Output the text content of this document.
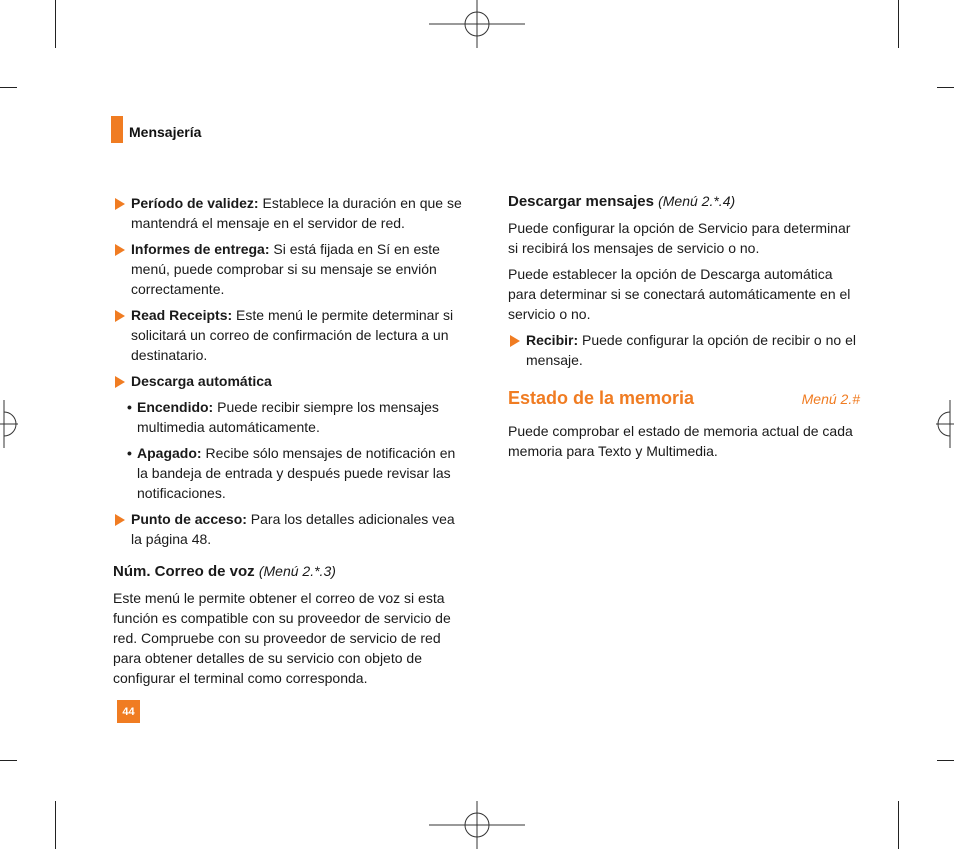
Mensajería
Período de validez: Establece la duración en que se mantendrá el mensaje en el servidor de red.
Informes de entrega: Si está fijada en Sí en este menú, puede comprobar si su mensaje se envión correctamente.
Read Receipts: Este menú le permite determinar si solicitará un correo de confirmación de lectura a un destinatario.
Descarga automática
• Encendido: Puede recibir siempre los mensajes multimedia automáticamente.
• Apagado: Recibe sólo mensajes de notificación en la bandeja de entrada y después puede revisar las notificaciones.
Punto de acceso: Para los detalles adicionales vea la página 48.
Núm. Correo de voz (Menú 2.*.3)

Este menú le permite obtener el correo de voz si esta función es compatible con su proveedor de servicio de red. Compruebe con su proveedor de servicio de red para obtener detalles de su servicio con objeto de configurar el terminal como corresponda.

Descargar mensajes (Menú 2.*.4)

Puede configurar la opción de Servicio para determinar si recibirá los mensajes de servicio o no.

Puede establecer la opción de Descarga automática para determinar si se conectará automáticamente en el servicio o no.

Recibir: Puede configurar la opción de recibir o no el mensaje.
Estado de la memoria	Menú 2.#

Puede comprobar el estado de memoria actual de cada memoria para Texto y Multimedia.

44
